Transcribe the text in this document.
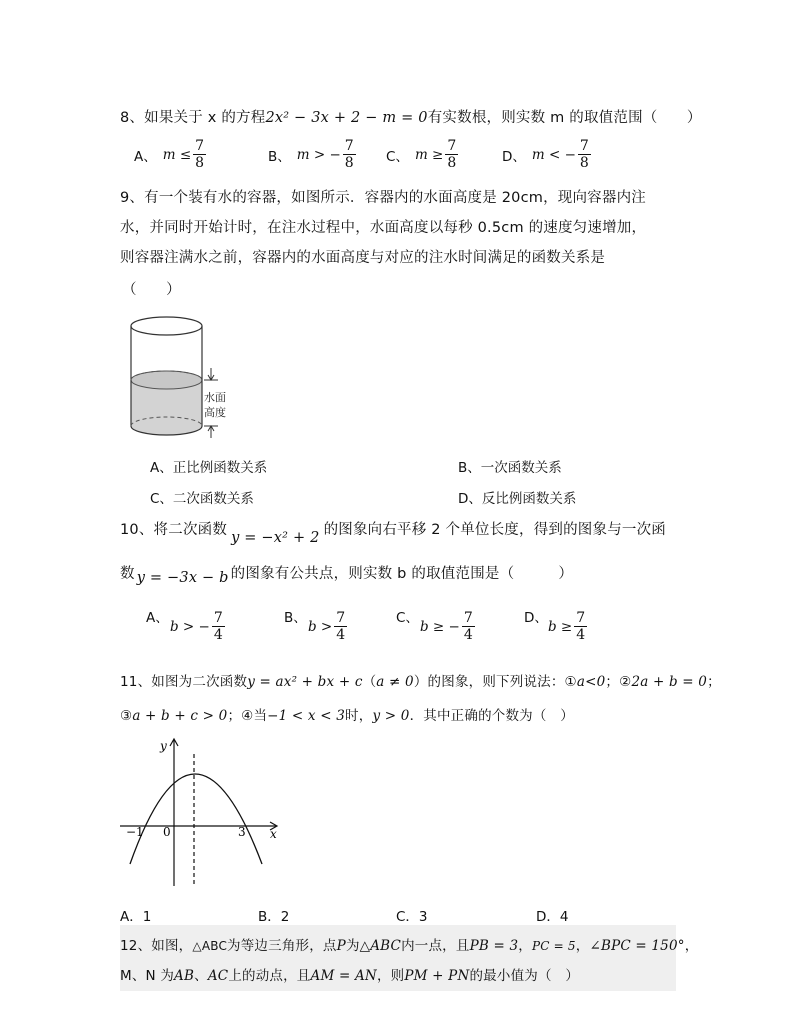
8、如果关于 x 的方程2x² − 3x + 2 − m = 0有实数根，则实数 m 的取值范围（　　）
A、 $m \le \frac{7}{8}$	B、 m > − $\frac{7}{8}$ C、 $m \ge \frac{7}{8}$	D、 m < − $\frac{7}{8}$
9、有一个装有水的容器，如图所示．容器内的水面高度是 20cm，现向容器内注
水，并同时开始计时，在注水过程中，水面高度以每秒 0.5cm 的速度匀速增加，
则容器注满水之前，容器内的水面高度与对应的注水时间满足的函数关系是
（　　）
水面
高度
A、正比例函数关系	B、一次函数关系
C、二次函数关系	D、反比例函数关系
10、将二次函数 y = −x² + 2 的图象向右平移 2 个单位长度，得到的图象与一次函
数 y = −3x − b 的图象有公共点，则实数 b 的取值范围是（　　　）
A、
b > − $\frac{7}{4}$	B、
$b > \frac{7}{4}$	C、
b ≥ − $\frac{7}{4}$	D、
$b \ge \frac{7}{4}$
11、如图为二次函数y = ax² + bx + c（a ≠ 0）的图象，则下列说法：①a<0；②2a + b = 0；
③a + b + c > 0；④当−1 < x < 3时，y > 0．其中正确的个数为（　）
y
x
−1 0	3
A．1	B．2	C．3	D．4
12、如图，△ABC为等边三角形，点P为△ABC内一点，且PB = 3，PC = 5，∠BPC = 150°，
M、N 为AB、AC上的动点，且AM = AN，则PM + PN的最小值为（　）
